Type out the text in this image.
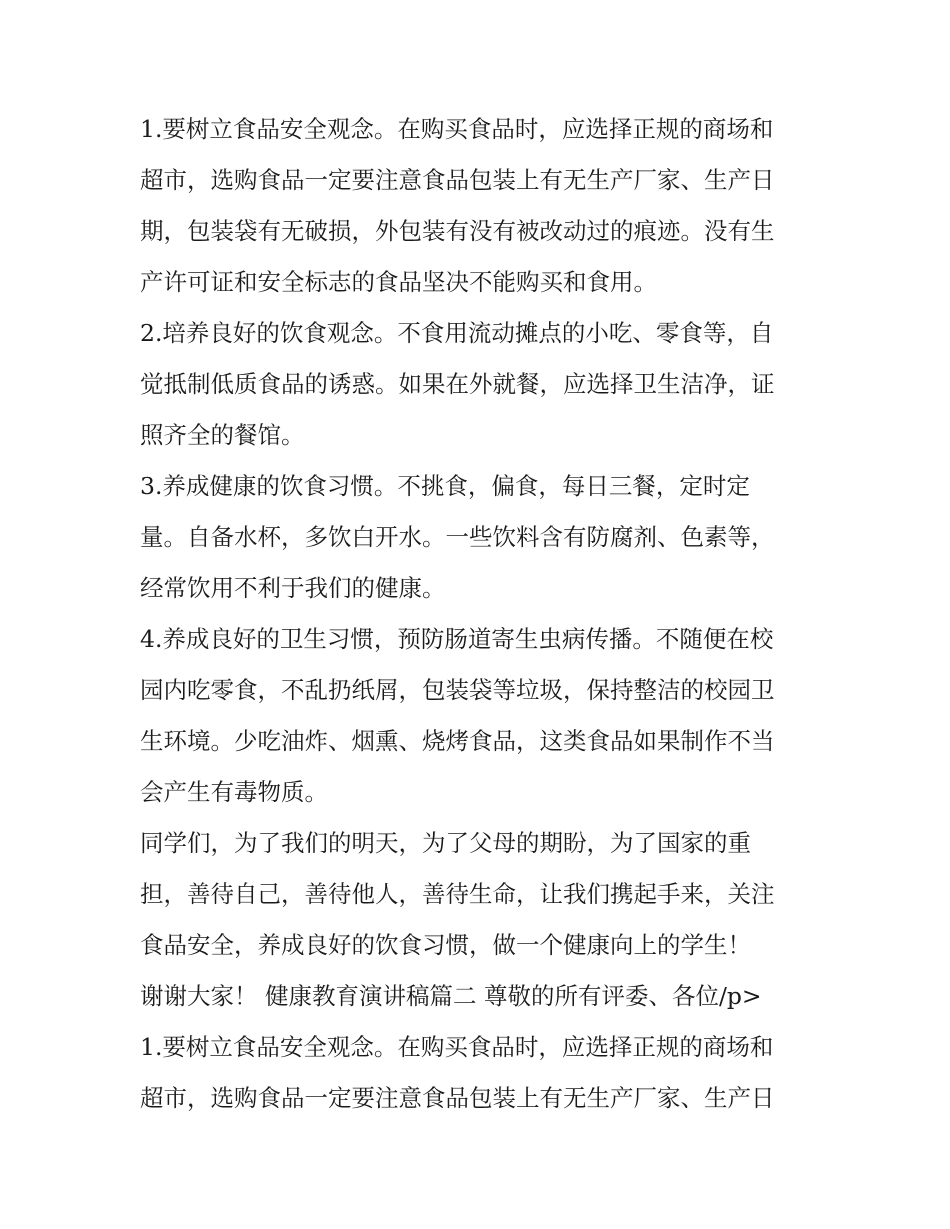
1.要树立食品安全观念。在购买食品时，应选择正规的商场和
超市，选购食品一定要注意食品包装上有无生产厂家、生产日
期，包装袋有无破损，外包装有没有被改动过的痕迹。没有生
产许可证和安全标志的食品坚决不能购买和食用。
2.培养良好的饮食观念。不食用流动摊点的小吃、零食等，自
觉抵制低质食品的诱惑。如果在外就餐，应选择卫生洁净，证
照齐全的餐馆。
3.养成健康的饮食习惯。不挑食，偏食，每日三餐，定时定
量。自备水杯，多饮白开水。一些饮料含有防腐剂、色素等，
经常饮用不利于我们的健康。
4.养成良好的卫生习惯，预防肠道寄生虫病传播。不随便在校
园内吃零食，不乱扔纸屑，包装袋等垃圾，保持整洁的校园卫
生环境。少吃油炸、烟熏、烧烤食品，这类食品如果制作不当
会产生有毒物质。
同学们，为了我们的明天，为了父母的期盼，为了国家的重
担，善待自己，善待他人，善待生命，让我们携起手来，关注
食品安全，养成良好的饮食习惯，做一个健康向上的学生！
谢谢大家！ 健康教育演讲稿篇二 尊敬的所有评委、各位/p>
1.要树立食品安全观念。在购买食品时，应选择正规的商场和
超市，选购食品一定要注意食品包装上有无生产厂家、生产日
